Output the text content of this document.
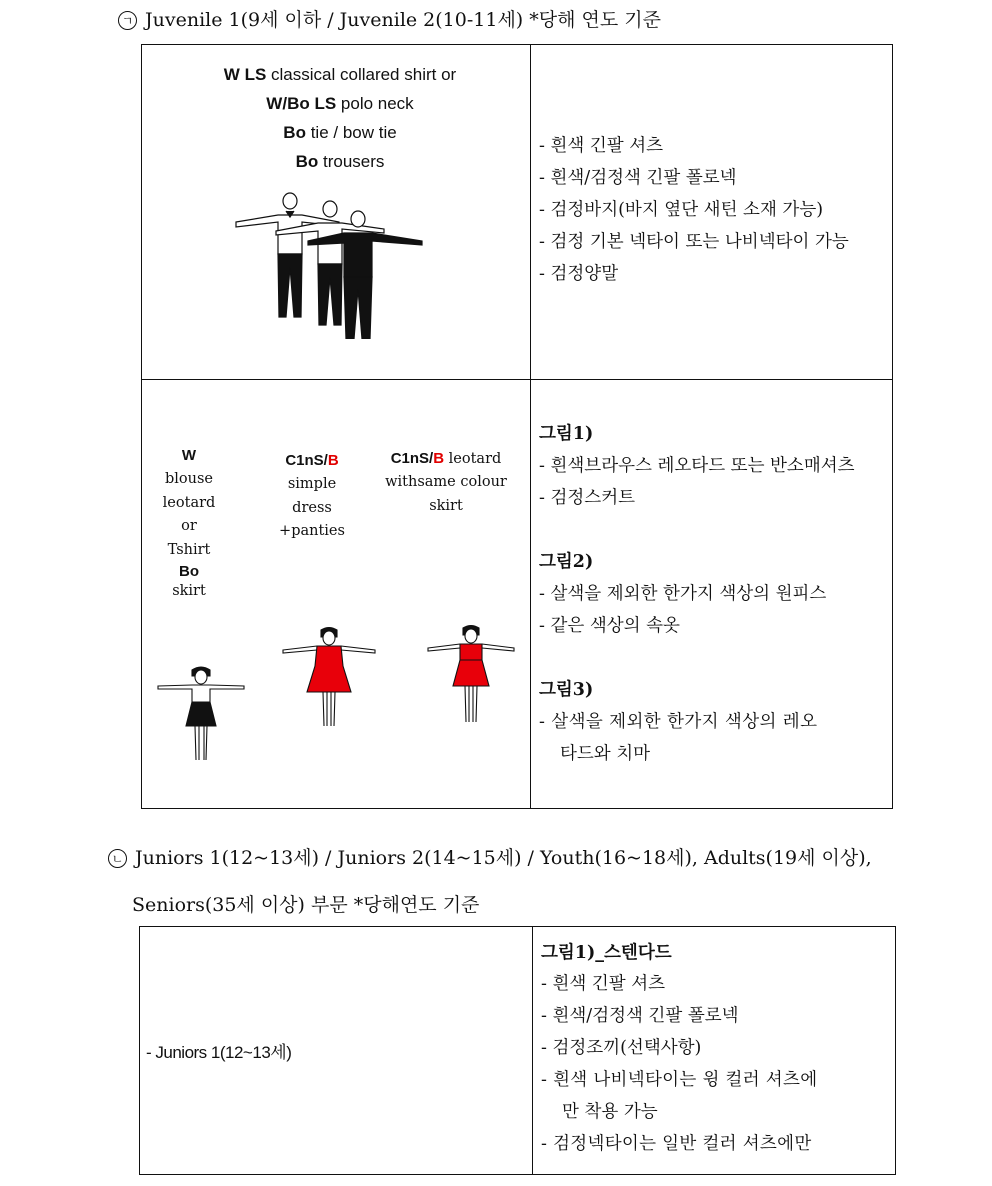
ㄱ Juvenile 1(9세 이하 / Juvenile 2(10-11세) *당해 연도 기준
W LS classical collared shirt or
W/Bo LS polo neck
Bo tie / bow tie
Bo trousers
- 흰색 긴팔 셔츠
- 흰색/검정색 긴팔 폴로넥
- 검정바지(바지 옆단 새틴 소재 가능)
- 검정 기본 넥타이 또는 나비넥타이 가능
- 검정양말
W
blouse
leotard
or
Tshirt
Bo
skirt
C1nS/B
simple
dress
+panties
C1nS/B leotard
withsame colour
skirt
그림1)
- 흰색브라우스 레오타드 또는 반소매셔츠
- 검정스커트
그림2)
- 살색을 제외한 한가지 색상의 원피스
- 같은 색상의 속옷
그림3)
- 살색을 제외한 한가지 색상의 레오
타드와 치마
ㄴ Juniors 1(12~13세) / Juniors 2(14~15세) / Youth(16~18세), Adults(19세 이상),
Seniors(35세 이상) 부문 *당해연도 기준
- Juniors 1(12~13세)
그림1)_스텐다드
- 흰색 긴팔 셔츠
- 흰색/검정색 긴팔 폴로넥
- 검정조끼(선택사항)
- 흰색 나비넥타이는 윙 컬러 셔츠에
만 착용 가능
- 검정넥타이는 일반 컬러 셔츠에만
